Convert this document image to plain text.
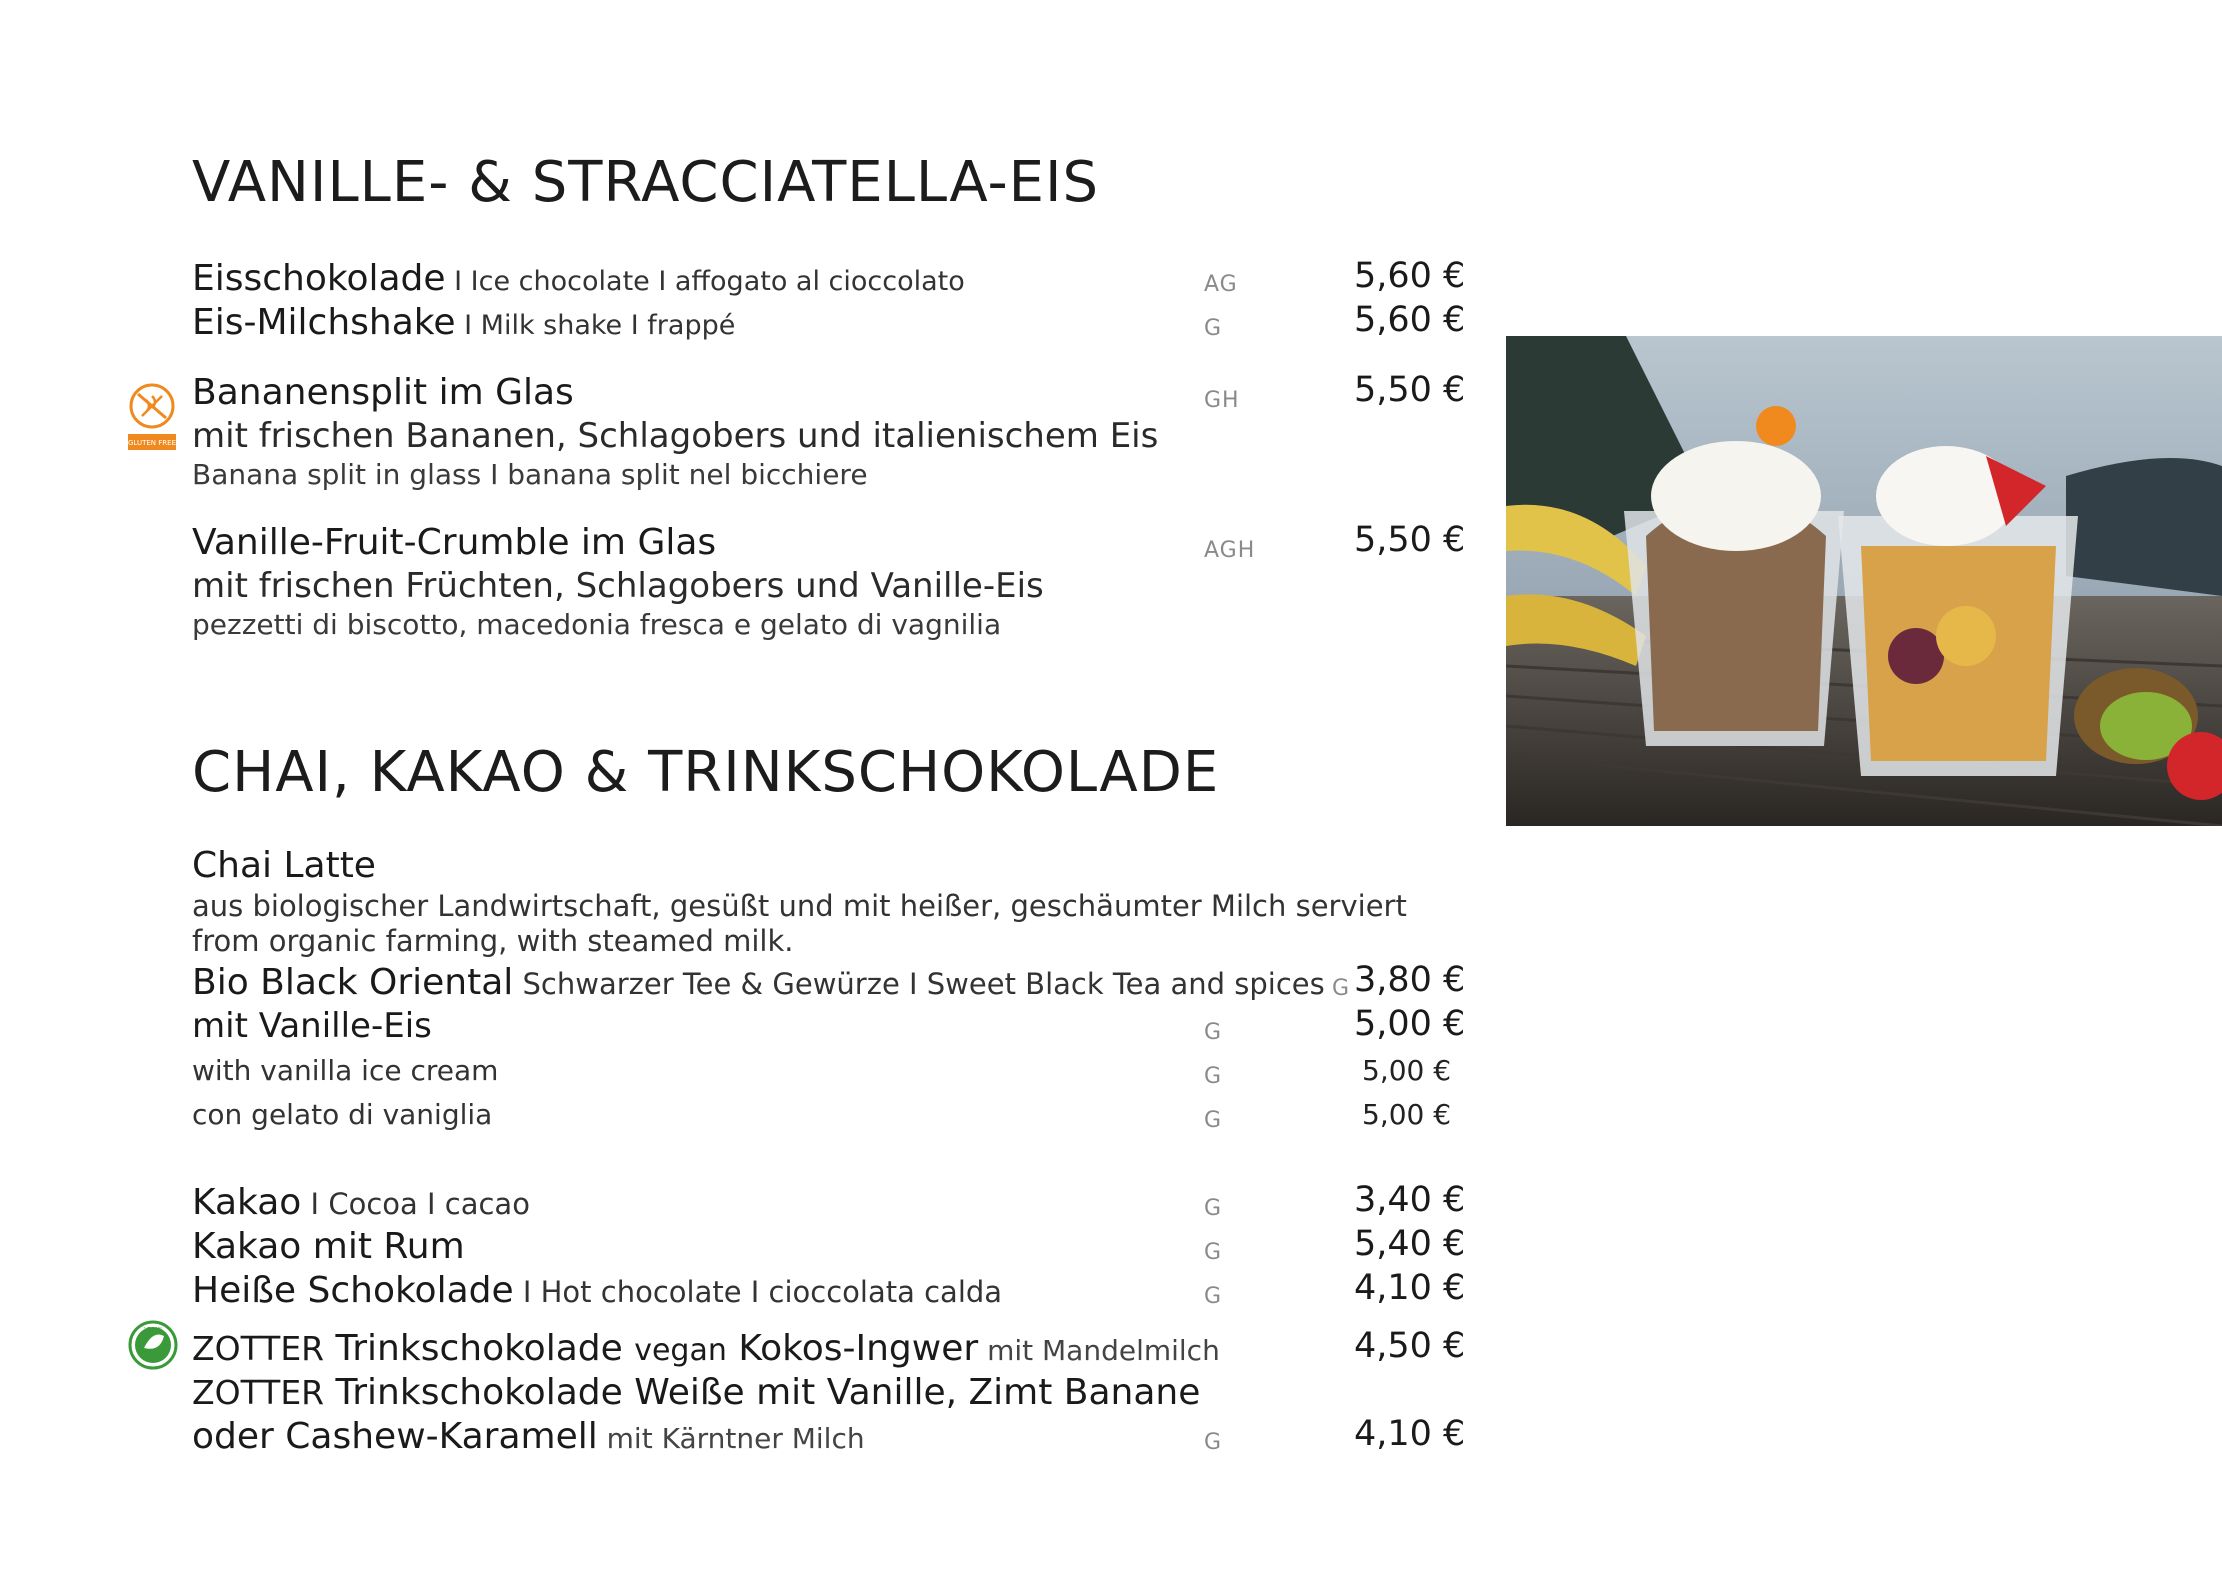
VANILLE- & STRACCIATELLA-EIS
Eisschokolade I Ice chocolate I affogato al cioccolato	AG	5,60 €
Eis-Milchshake I Milk shake I frappé	G	5,60 €
GLUTEN FREE
Bananensplit im Glas	GH	5,50 €
mit frischen Bananen, Schlagobers und italienischem Eis
Banana split in glass I banana split nel bicchiere
Vanille-Fruit-Crumble im Glas	AGH	5,50 €
mit frischen Früchten, Schlagobers und Vanille-Eis
pezzetti di biscotto, macedonia fresca e gelato di vagnilia
CHAI, KAKAO & TRINKSCHOKOLADE
Chai Latte
aus biologischer Landwirtschaft, gesüßt und mit heißer, geschäumter Milch serviert
from organic farming, with steamed milk.
Bio Black Oriental Schwarzer Tee & Gewürze I Sweet Black Tea and spices G 3,80 €
mit Vanille-Eis	G	5,00 €
with vanilla ice cream	G	5,00 €
con gelato di vaniglia	G	5,00 €
Kakao I Cocoa I cacao	G	3,40 €
Kakao mit Rum	G	5,40 €
Heiße Schokolade I Hot chocolate I cioccolata calda	G	4,10 €
VEGAN ZOTTER Trinkschokolade vegan Kokos-Ingwer mit Mandelmilch	4,50 €
ZOTTER Trinkschokolade Weiße mit Vanille, Zimt Banane
oder Cashew-Karamell mit Kärntner Milch	G	4,10 €
